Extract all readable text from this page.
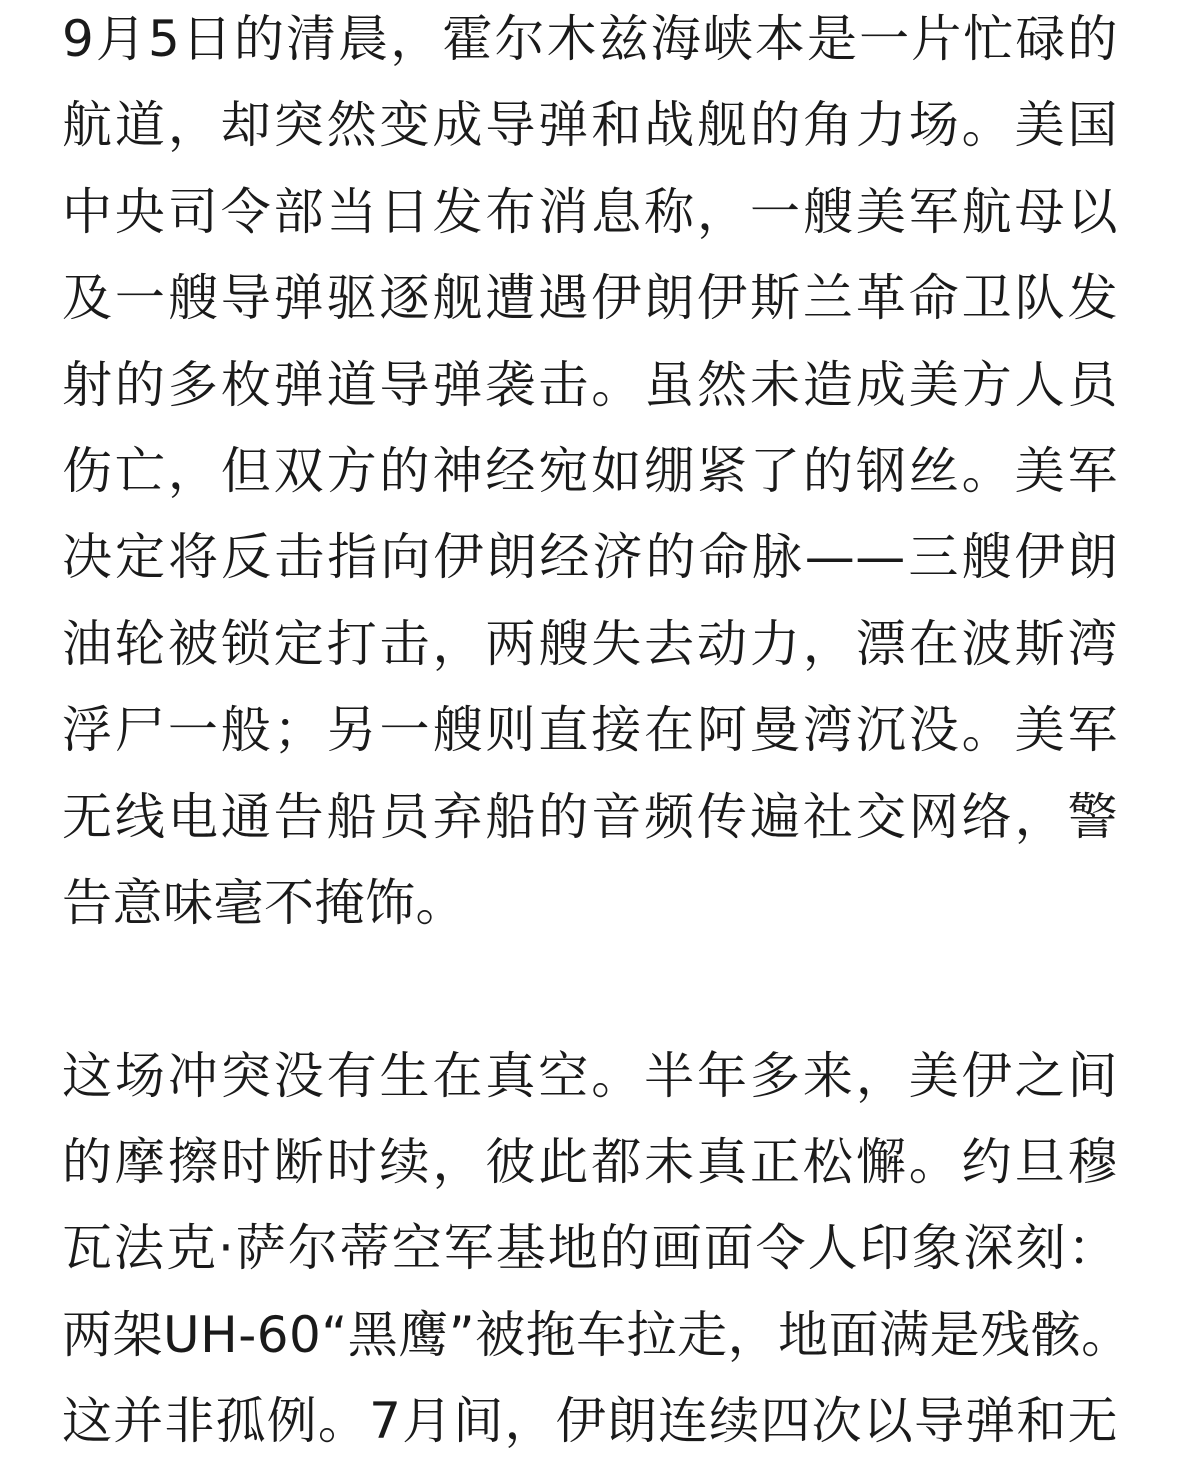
9月5日的清晨，霍尔木兹海峡本是一片忙碌的
航道，却突然变成导弹和战舰的角力场。美国
中央司令部当日发布消息称，一艘美军航母以
及一艘导弹驱逐舰遭遇伊朗伊斯兰革命卫队发
射的多枚弹道导弹袭击。虽然未造成美方人员
伤亡，但双方的神经宛如绷紧了的钢丝。美军
决定将反击指向伊朗经济的命脉——三艘伊朗
油轮被锁定打击，两艘失去动力，漂在波斯湾
浮尸一般；另一艘则直接在阿曼湾沉没。美军
无线电通告船员弃船的音频传遍社交网络，警
告意味毫不掩饰。
这场冲突没有生在真空。半年多来，美伊之间
的摩擦时断时续，彼此都未真正松懈。约旦穆
瓦法克·萨尔蒂空军基地的画面令人印象深刻：
两架UH-60“黑鹰”被拖车拉走，地面满是残骸。
这并非孤例。7月间，伊朗连续四次以导弹和无
